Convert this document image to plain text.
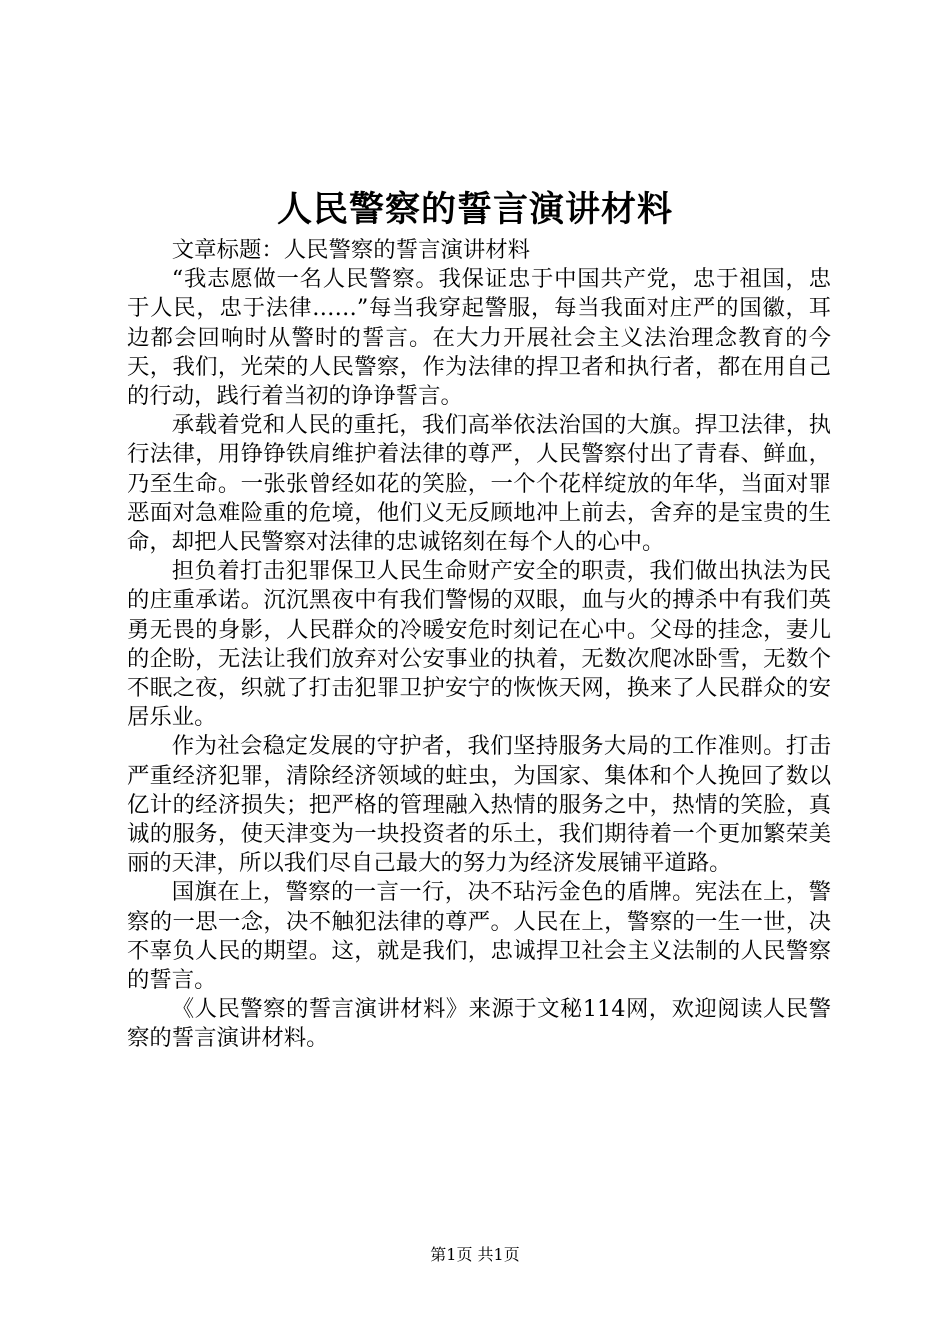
人民警察的誓言演讲材料

文章标题：人民警察的誓言演讲材料

“我志愿做一名人民警察。我保证忠于中国共产党，忠于祖国，忠于人民，忠于法律……”每当我穿起警服，每当我面对庄严的国徽，耳边都会回响时从警时的誓言。在大力开展社会主义法治理念教育的今天，我们，光荣的人民警察，作为法律的捍卫者和执行者，都在用自己的行动，践行着当初的诤诤誓言。

承载着党和人民的重托，我们高举依法治国的大旗。捍卫法律，执行法律，用铮铮铁肩维护着法律的尊严，人民警察付出了青春、鲜血，乃至生命。一张张曾经如花的笑脸，一个个花样绽放的年华，当面对罪恶面对急难险重的危境，他们义无反顾地冲上前去，舍弃的是宝贵的生命，却把人民警察对法律的忠诚铭刻在每个人的心中。

担负着打击犯罪保卫人民生命财产安全的职责，我们做出执法为民的庄重承诺。沉沉黑夜中有我们警惕的双眼，血与火的搏杀中有我们英勇无畏的身影，人民群众的冷暖安危时刻记在心中。父母的挂念，妻儿的企盼，无法让我们放弃对公安事业的执着，无数次爬冰卧雪，无数个不眠之夜，织就了打击犯罪卫护安宁的恢恢天网，换来了人民群众的安居乐业。

作为社会稳定发展的守护者，我们坚持服务大局的工作准则。打击严重经济犯罪，清除经济领域的蛀虫，为国家、集体和个人挽回了数以亿计的经济损失；把严格的管理融入热情的服务之中，热情的笑脸，真诚的服务，使天津变为一块投资者的乐土，我们期待着一个更加繁荣美丽的天津，所以我们尽自己最大的努力为经济发展铺平道路。

国旗在上，警察的一言一行，决不玷污金色的盾牌。宪法在上，警察的一思一念，决不触犯法律的尊严。人民在上，警察的一生一世，决不辜负人民的期望。这，就是我们，忠诚捍卫社会主义法制的人民警察的誓言。

《人民警察的誓言演讲材料》来源于文秘114网，欢迎阅读人民警察的誓言演讲材料。

第1页 共1页
